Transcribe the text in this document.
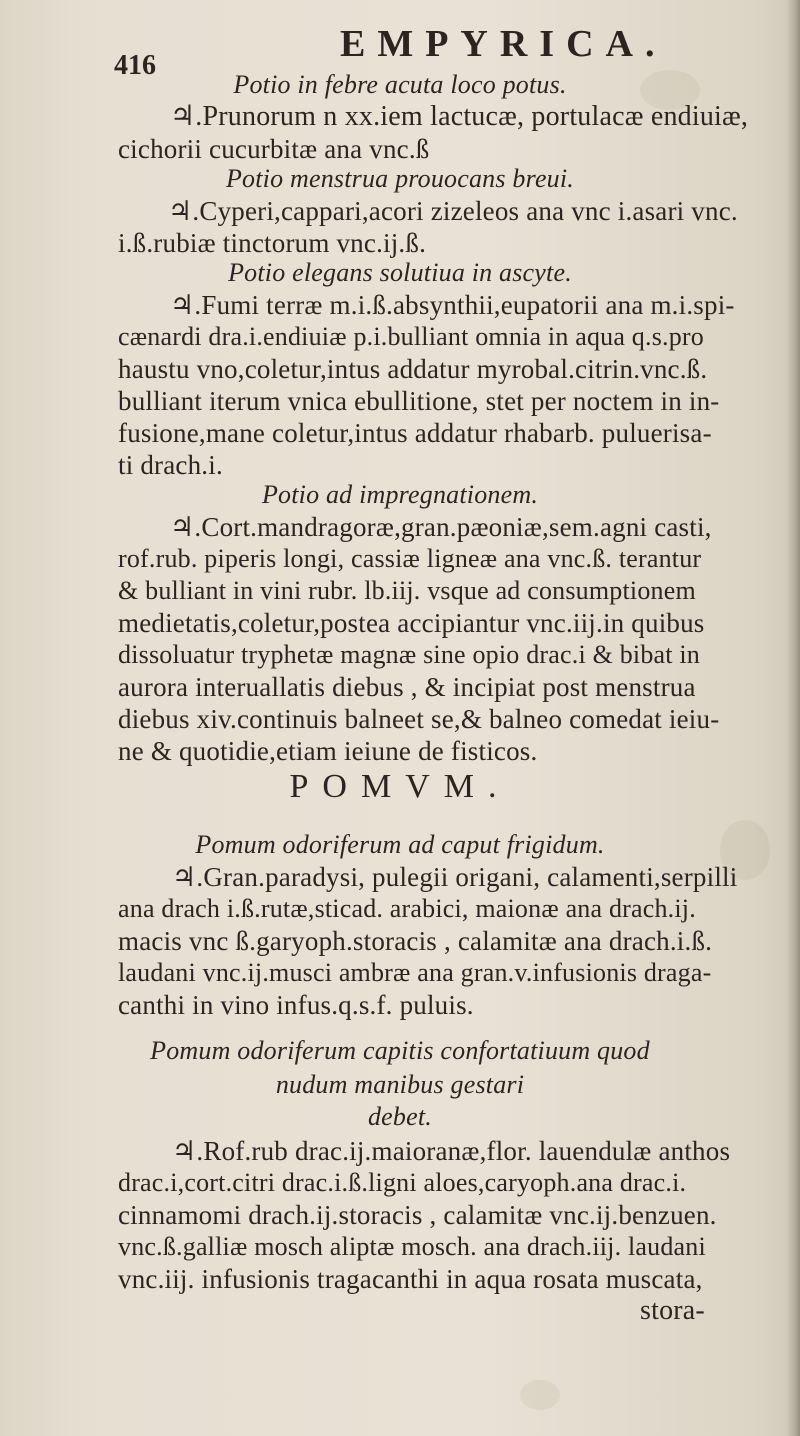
416
EMPYRICA.
Potio in febre acuta loco potus.
♃.Prunorum n xx.iem lactucæ, portulacæ endiuiæ,
cichorii cucurbitæ ana vnc.ß
Potio menstrua prouocans breui.
♃.Cyperi,cappari,acori zizeleos ana vnc i.asari vnc.
i.ß.rubiæ tinctorum vnc.ij.ß.
Potio elegans solutiua in ascyte.
♃.Fumi terræ m.i.ß.absynthii,eupatorii ana m.i.spi-
cænardi dra.i.endiuiæ p.i.bulliant omnia in aqua q.s.pro
haustu vno,coletur,intus addatur myrobal.citrin.vnc.ß.
bulliant iterum vnica ebullitione, stet per noctem in in-
fusione,mane coletur,intus addatur rhabarb. puluerisa-
ti drach.i.
Potio ad impregnationem.
♃.Cort.mandragoræ,gran.pæoniæ,sem.agni casti,
rof.rub. piperis longi, cassiæ ligneæ ana vnc.ß. terantur
& bulliant in vini rubr. lb.iij. vsque ad consumptionem
medietatis,coletur,postea accipiantur vnc.iij.in quibus
dissoluatur tryphetæ magnæ sine opio drac.i & bibat in
aurora interuallatis diebus , & incipiat post menstrua
diebus xiv.continuis balneet se,& balneo comedat ieiu-
ne & quotidie,etiam ieiune de fisticos.
Pomum odoriferum ad caput frigidum.
♃.Gran.paradysi, pulegii origani, calamenti,serpilli
ana drach i.ß.rutæ,sticad. arabici, maionæ ana drach.ij.
macis vnc ß.garyoph.storacis , calamitæ ana drach.i.ß.
laudani vnc.ij.musci ambræ ana gran.v.infusionis draga-
canthi in vino infus.q.s.f. puluis.
Pomum odoriferum capitis confortatiuum quod
nudum manibus gestari
debet.
♃.Rof.rub drac.ij.maioranæ,flor. lauendulæ anthos
drac.i,cort.citri drac.i.ß.ligni aloes,caryoph.ana drac.i.
cinnamomi drach.ij.storacis , calamitæ vnc.ij.benzuen.
vnc.ß.galliæ mosch aliptæ mosch. ana drach.iij. laudani
vnc.iij. infusionis tragacanthi in aqua rosata muscata,
stora-
POMVM.
